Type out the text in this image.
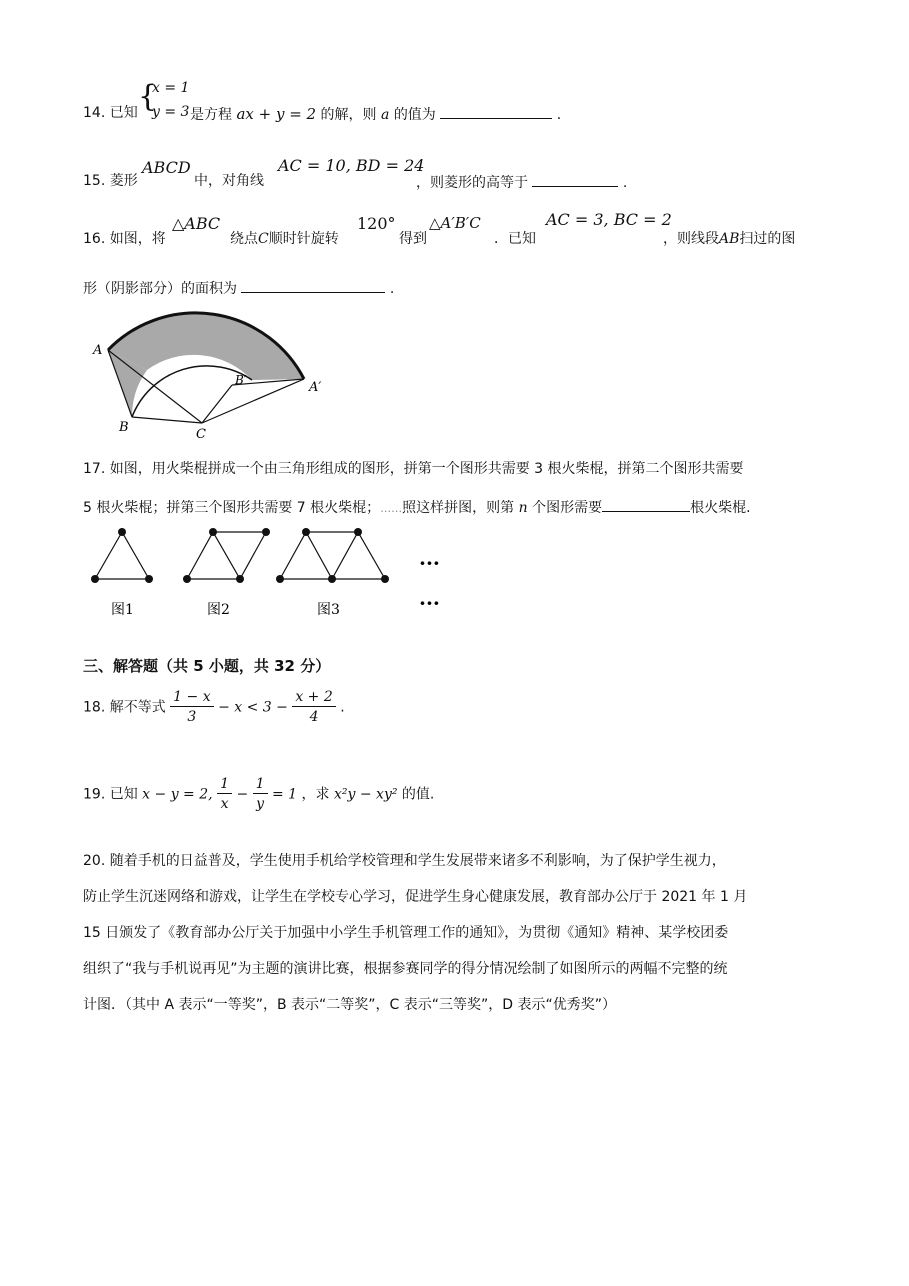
14. 已知 {
x = 1
y = 3 是方程 ax + y = 2 的解，则 a 的值为	.
15. 菱形
ABCD
中，对角线
AC = 10, BD = 24
，则菱形的高等于	.
16. 如图，将
△ABC
绕点C顺时针旋转
120°
得到
△A′B′C
．已知
AC = 3, BC = 2
，则线段AB扫过的图
形（阴影部分）的面积为	.
A
B	C
A′
B′
17. 如图，用火柴棍拼成一个由三角形组成的图形，拼第一个图形共需要 3 根火柴棍，拼第二个图形共需要
5 根火柴棍；拼第三个图形共需要 7 根火柴棍；……照这样拼图，则第 n 个图形需要	根火柴棍.
···
···
图1	图2	图3
三、解答题（共 5 小题，共 32 分）
18. 解不等式 $\frac{1 - x}{3} - x < 3 - \frac{x + 2}{4}$ .
19. 已知 x − y = 2, $\frac{1}{x} - \frac{1}{y} = 1$ ，求 x²y − xy² 的值.
20. 随着手机的日益普及，学生使用手机给学校管理和学生发展带来诸多不利影响，为了保护学生视力，
防止学生沉迷网络和游戏，让学生在学校专心学习，促进学生身心健康发展，教育部办公厅于 2021 年 1 月
15 日颁发了《教育部办公厅关于加强中小学生手机管理工作的通知》，为贯彻《通知》精神、某学校团委
组织了“我与手机说再见”为主题的演讲比赛，根据参赛同学的得分情况绘制了如图所示的两幅不完整的统
计图．（其中 A 表示“一等奖”，B 表示“二等奖”，C 表示“三等奖”，D 表示“优秀奖”）
